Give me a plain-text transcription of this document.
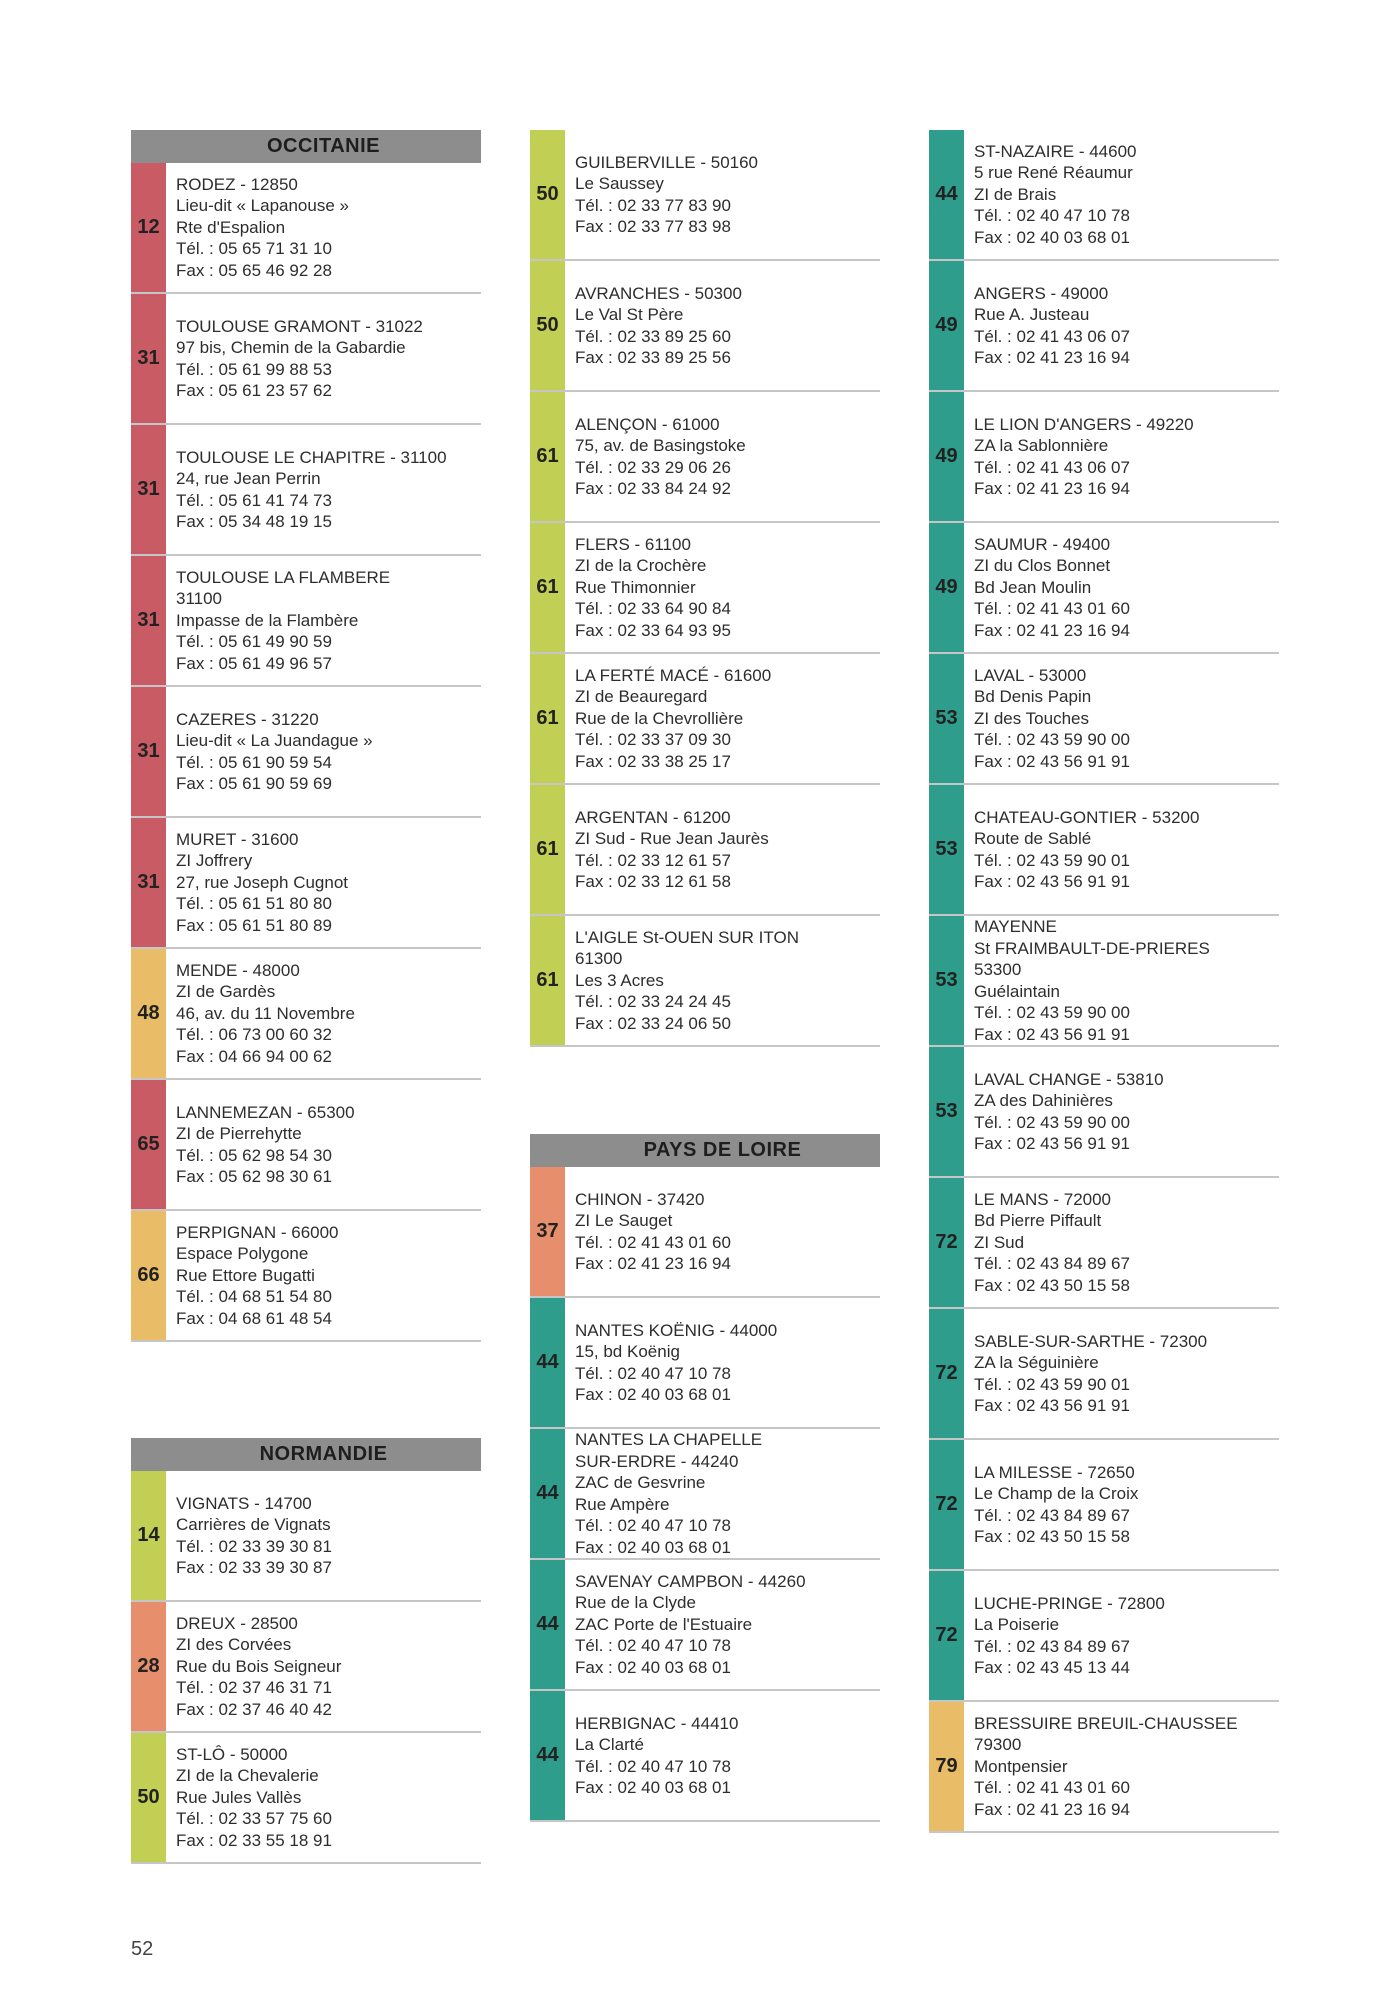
OCCITANIE
12
RODEZ - 12850
Lieu-dit « Lapanouse »
Rte d'Espalion
Tél. : 05 65 71 31 10
Fax : 05 65 46 92 28
31
TOULOUSE GRAMONT - 31022
97 bis, Chemin de la Gabardie
Tél. : 05 61 99 88 53
Fax : 05 61 23 57 62
31
TOULOUSE LE CHAPITRE - 31100
24, rue Jean Perrin
Tél. : 05 61 41 74 73
Fax : 05 34 48 19 15
31
TOULOUSE LA FLAMBERE
31100
Impasse de la Flambère
Tél. : 05 61 49 90 59
Fax : 05 61 49 96 57
31
CAZERES - 31220
Lieu-dit « La Juandague »
Tél. : 05 61 90 59 54
Fax : 05 61 90 59 69
31
MURET - 31600
ZI Joffrery
27, rue Joseph Cugnot
Tél. : 05 61 51 80 80
Fax : 05 61 51 80 89
48
MENDE - 48000
ZI de Gardès
46, av. du 11 Novembre
Tél. : 06 73 00 60 32
Fax : 04 66 94 00 62
65
LANNEMEZAN - 65300
ZI de Pierrehytte
Tél. : 05 62 98 54 30
Fax : 05 62 98 30 61
66
PERPIGNAN - 66000
Espace Polygone
Rue Ettore Bugatti
Tél. : 04 68 51 54 80
Fax : 04 68 61 48 54
NORMANDIE
14
VIGNATS - 14700
Carrières de Vignats
Tél. : 02 33 39 30 81
Fax : 02 33 39 30 87
28
DREUX - 28500
ZI des Corvées
Rue du Bois Seigneur
Tél. : 02 37 46 31 71
Fax : 02 37 46 40 42
50
ST-LÔ - 50000
ZI de la Chevalerie
Rue Jules Vallès
Tél. : 02 33 57 75 60
Fax : 02 33 55 18 91
50
GUILBERVILLE - 50160
Le Saussey
Tél. : 02 33 77 83 90
Fax : 02 33 77 83 98
50
AVRANCHES - 50300
Le Val St Père
Tél. : 02 33 89 25 60
Fax : 02 33 89 25 56
61
ALENÇON - 61000
75, av. de Basingstoke
Tél. : 02 33 29 06 26
Fax : 02 33 84 24 92
61
FLERS - 61100
ZI de la Crochère
Rue Thimonnier
Tél. : 02 33 64 90 84
Fax : 02 33 64 93 95
61
LA FERTÉ MACÉ - 61600
ZI de Beauregard
Rue de la Chevrollière
Tél. : 02 33 37 09 30
Fax : 02 33 38 25 17
61
ARGENTAN - 61200
ZI Sud - Rue Jean Jaurès
Tél. : 02 33 12 61 57
Fax : 02 33 12 61 58
61
L'AIGLE St-OUEN SUR ITON
61300
Les 3 Acres
Tél. : 02 33 24 24 45
Fax : 02 33 24 06 50
PAYS DE LOIRE
37
CHINON - 37420
ZI Le Sauget
Tél. : 02 41 43 01 60
Fax : 02 41 23 16 94
44
NANTES KOËNIG - 44000
15, bd Koënig
Tél. : 02 40 47 10 78
Fax : 02 40 03 68 01
44
NANTES LA CHAPELLE
SUR-ERDRE - 44240
ZAC de Gesvrine
Rue Ampère
Tél. : 02 40 47 10 78
Fax : 02 40 03 68 01
44
SAVENAY CAMPBON - 44260
Rue de la Clyde
ZAC Porte de l'Estuaire
Tél. : 02 40 47 10 78
Fax : 02 40 03 68 01
44
HERBIGNAC - 44410
La Clarté
Tél. : 02 40 47 10 78
Fax : 02 40 03 68 01
44
ST-NAZAIRE - 44600
5 rue René Réaumur
ZI de Brais
Tél. : 02 40 47 10 78
Fax : 02 40 03 68 01
49
ANGERS - 49000
Rue A. Justeau
Tél. : 02 41 43 06 07
Fax : 02 41 23 16 94
49
LE LION D'ANGERS - 49220
ZA la Sablonnière
Tél. : 02 41 43 06 07
Fax : 02 41 23 16 94
49
SAUMUR - 49400
ZI du Clos Bonnet
Bd Jean Moulin
Tél. : 02 41 43 01 60
Fax : 02 41 23 16 94
53
LAVAL - 53000
Bd Denis Papin
ZI des Touches
Tél. : 02 43 59 90 00
Fax : 02 43 56 91 91
53
CHATEAU-GONTIER - 53200
Route de Sablé
Tél. : 02 43 59 90 01
Fax : 02 43 56 91 91
53
MAYENNE
St FRAIMBAULT-DE-PRIERES
53300
Guélaintain
Tél. : 02 43 59 90 00
Fax : 02 43 56 91 91
53
LAVAL CHANGE - 53810
ZA des Dahinières
Tél. : 02 43 59 90 00
Fax : 02 43 56 91 91
72
LE MANS - 72000
Bd Pierre Piffault
ZI Sud
Tél. : 02 43 84 89 67
Fax : 02 43 50 15 58
72
SABLE-SUR-SARTHE - 72300
ZA la Séguinière
Tél. : 02 43 59 90 01
Fax : 02 43 56 91 91
72
LA MILESSE - 72650
Le Champ de la Croix
Tél. : 02 43 84 89 67
Fax : 02 43 50 15 58
72
LUCHE-PRINGE - 72800
La Poiserie
Tél. : 02 43 84 89 67
Fax : 02 43 45 13 44
79
BRESSUIRE BREUIL-CHAUSSEE
79300
Montpensier
Tél. : 02 41 43 01 60
Fax : 02 41 23 16 94
52
